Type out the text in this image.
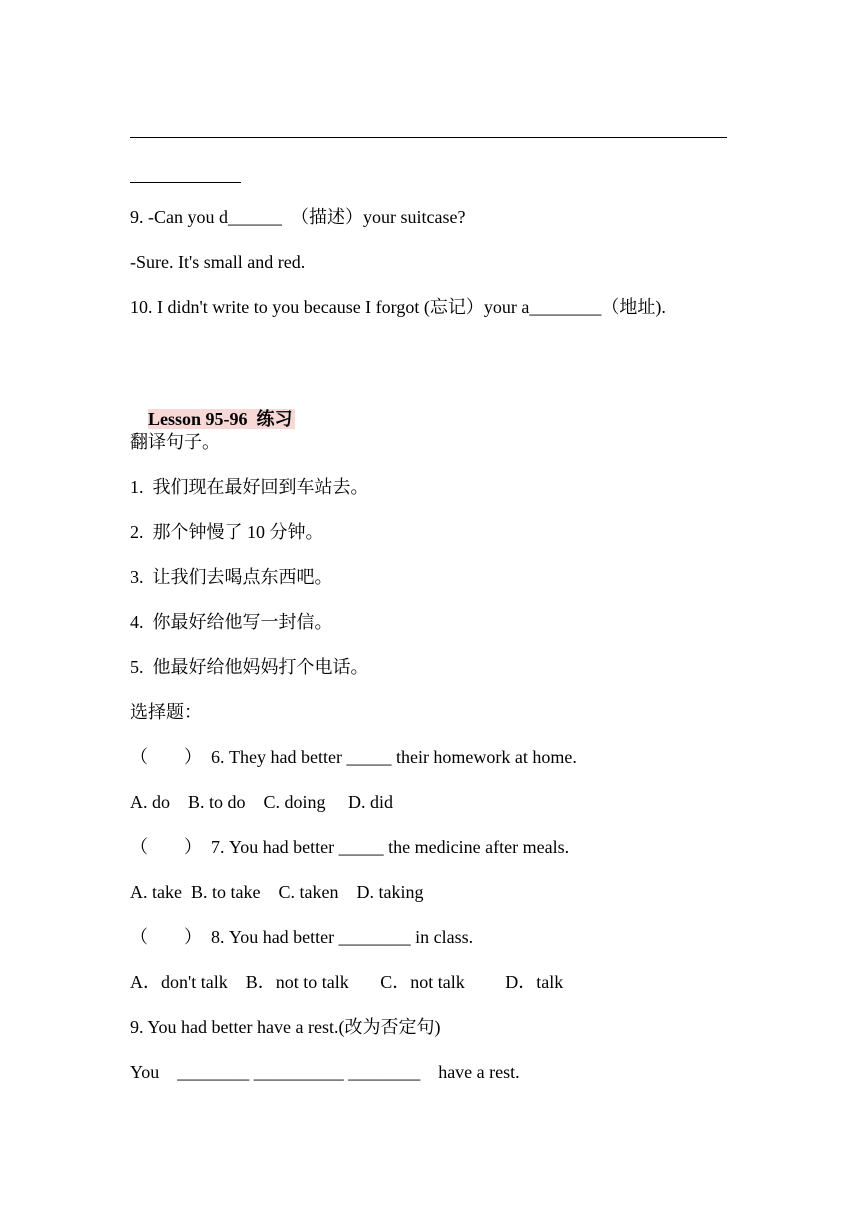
9. -Can you d______  （描述）your suitcase?
-Sure. It's small and red.
10. I didn't write to you because I forgot (忘记）your a________（地址).

Lesson 95-96  练习

翻译句子。
1.  我们现在最好回到车站去。
2.  那个钟慢了 10 分钟。
3.  让我们去喝点东西吧。
4.  你最好给他写一封信。
5.  他最好给他妈妈打个电话。
选择题：
（        ）  6. They had better _____ their homework at home.
A. do    B. to do    C. doing     D. did
（        ）  7. You had better _____ the medicine after meals.
A. take  B. to take    C. taken    D. taking
（        ）  8. You had better ________ in class.
A．don't talk    B．not to talk       C．not talk         D．talk
9. You had better have a rest.(改为否定句)
You    ________ __________ ________    have a rest.
